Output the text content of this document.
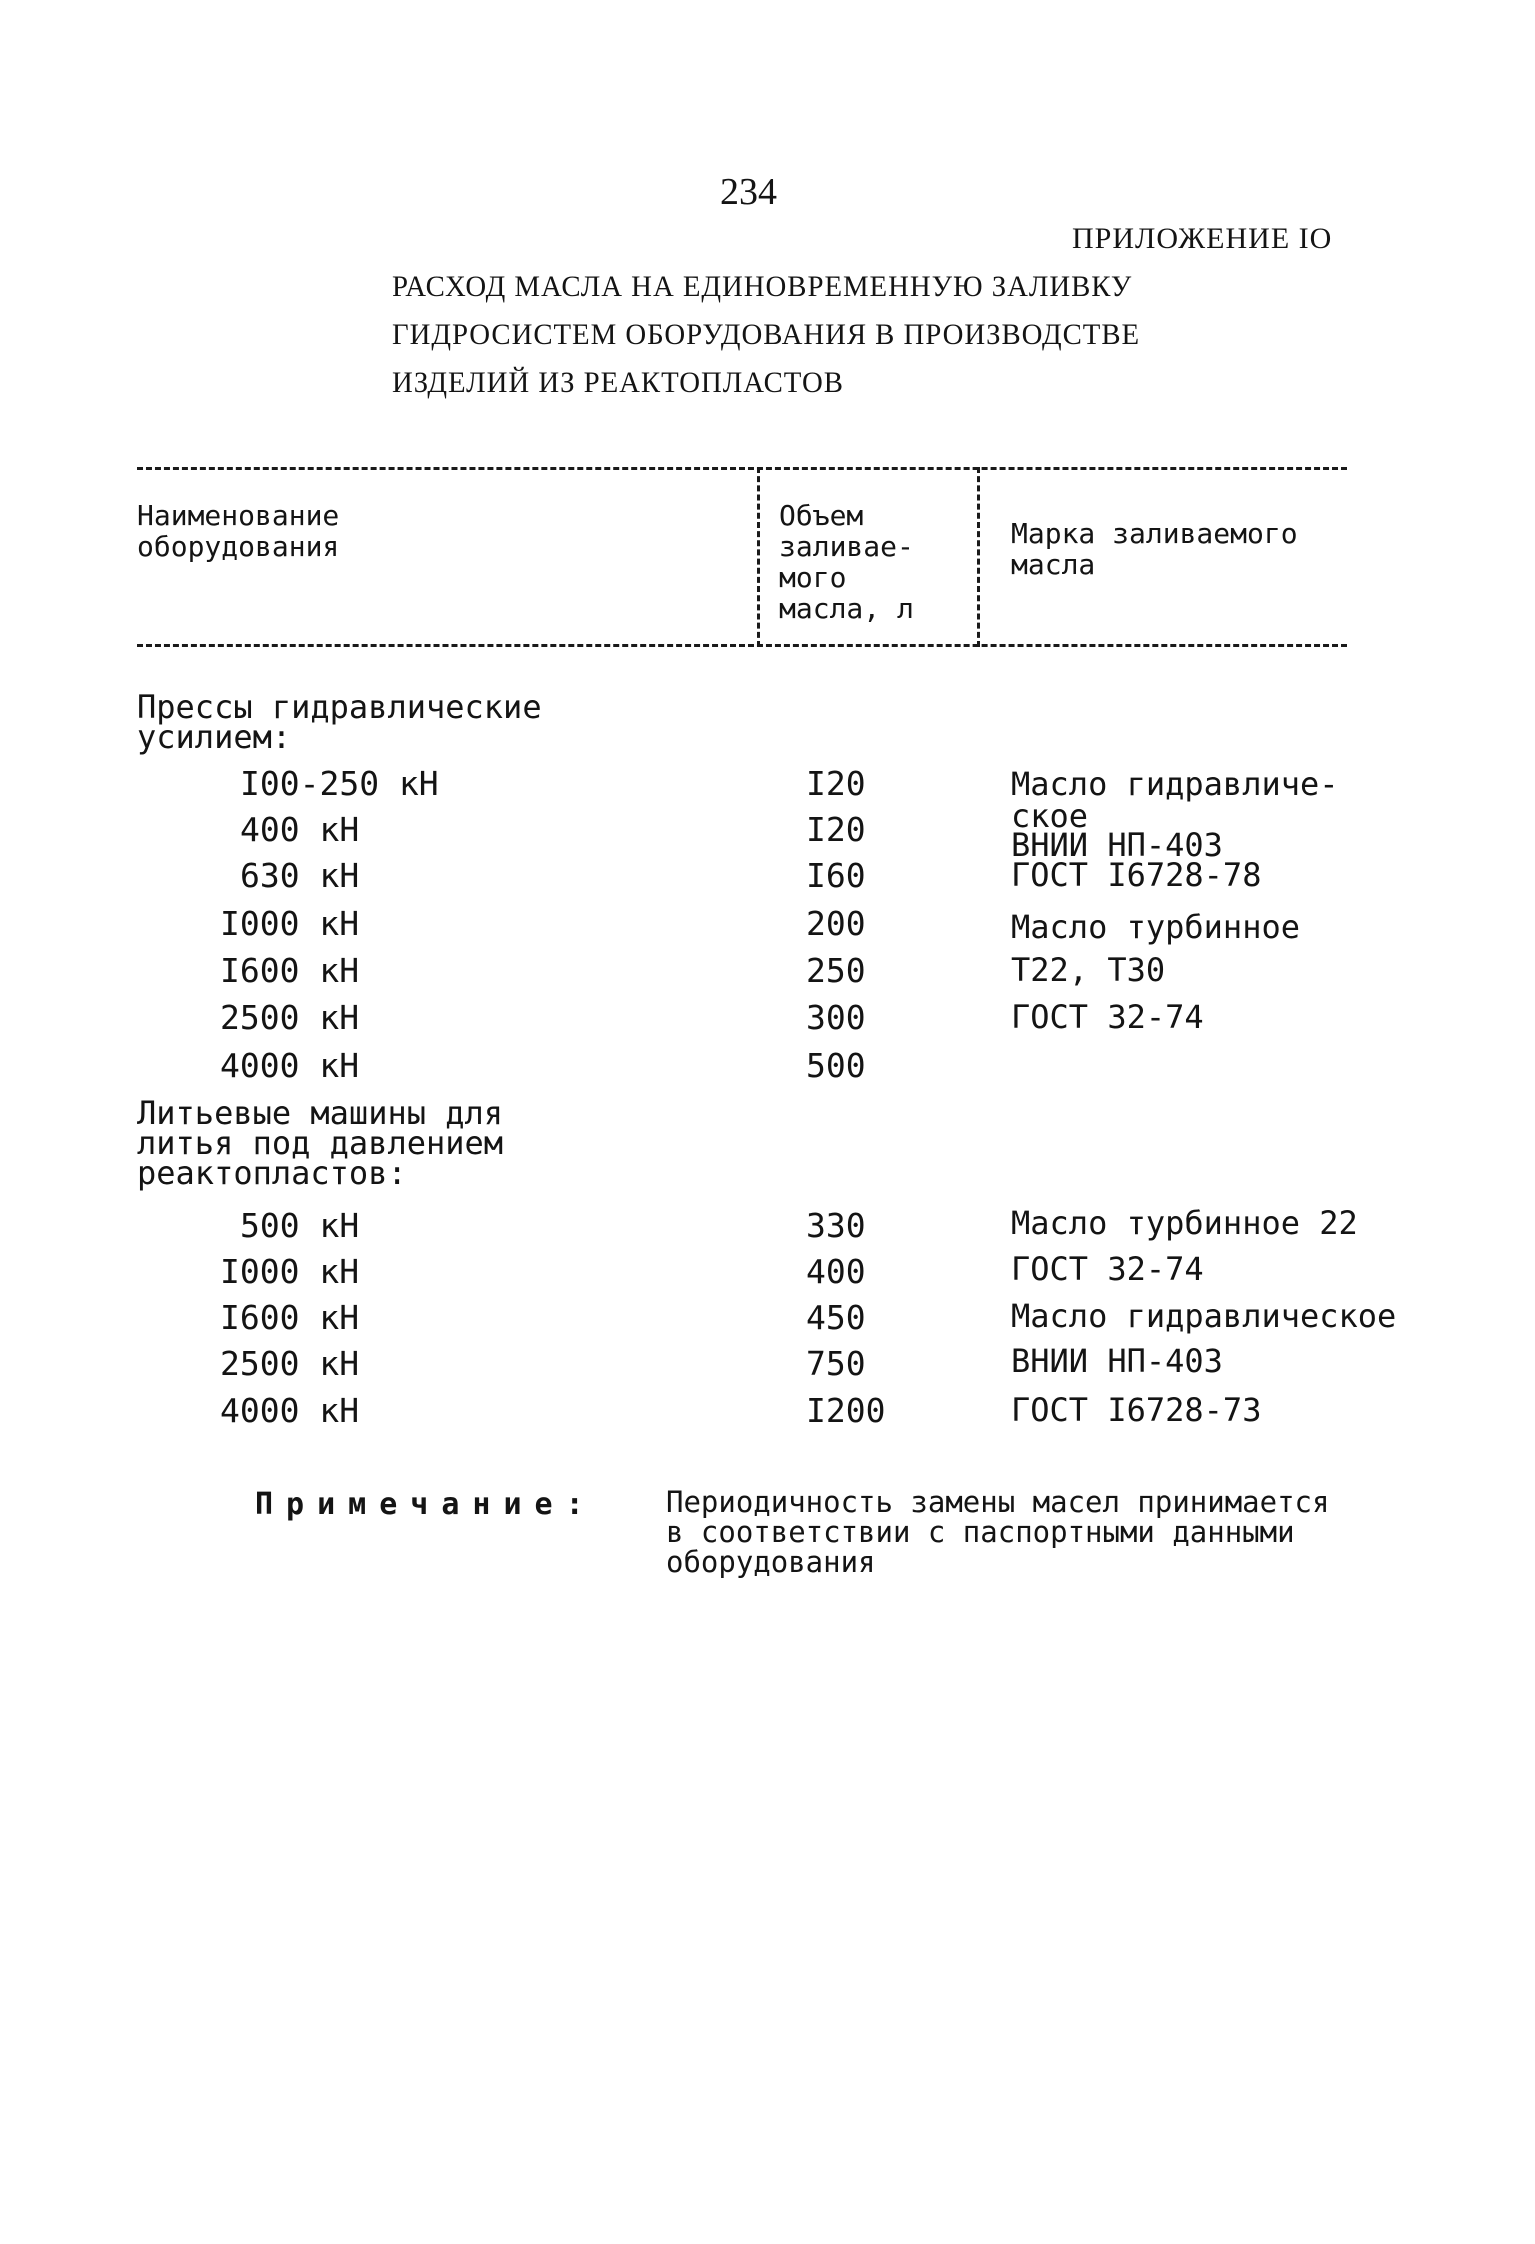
234
ПРИЛОЖЕНИЕ IO
РАСХОД МАСЛА НА ЕДИНОВРЕМЕННУЮ ЗАЛИВКУ
ГИДРОСИСТЕМ ОБОРУДОВАНИЯ В ПРОИЗВОДСТВЕ
ИЗДЕЛИЙ ИЗ РЕАКТОПЛАСТОВ
Наименование
оборудования
Объем
заливае-
мого
масла, л
Марка заливаемого
масла
Прессы гидравлические
усилием:
I00-250 кН
400 кН
630 кН
I000 кН
I600 кН
2500 кН
4000 кН
I20
I20
I60
200
250
300
500
Масло гидравличе-
ское
ВНИИ НП-403
ГОСТ I6728-78
Масло турбинное
Т22, Т30
ГОСТ 32-74
Литьевые машины для
литья под давлением
реактопластов:
500 кН
I000 кН
I600 кН
2500 кН
4000 кН
330
400
450
750
I200
Масло турбинное 22
ГОСТ 32-74
Масло гидравлическое
ВНИИ НП-403
ГОСТ I6728-73
Примечание: Периодичность замены масел принимается
в соответствии с паспортными данными
оборудования
